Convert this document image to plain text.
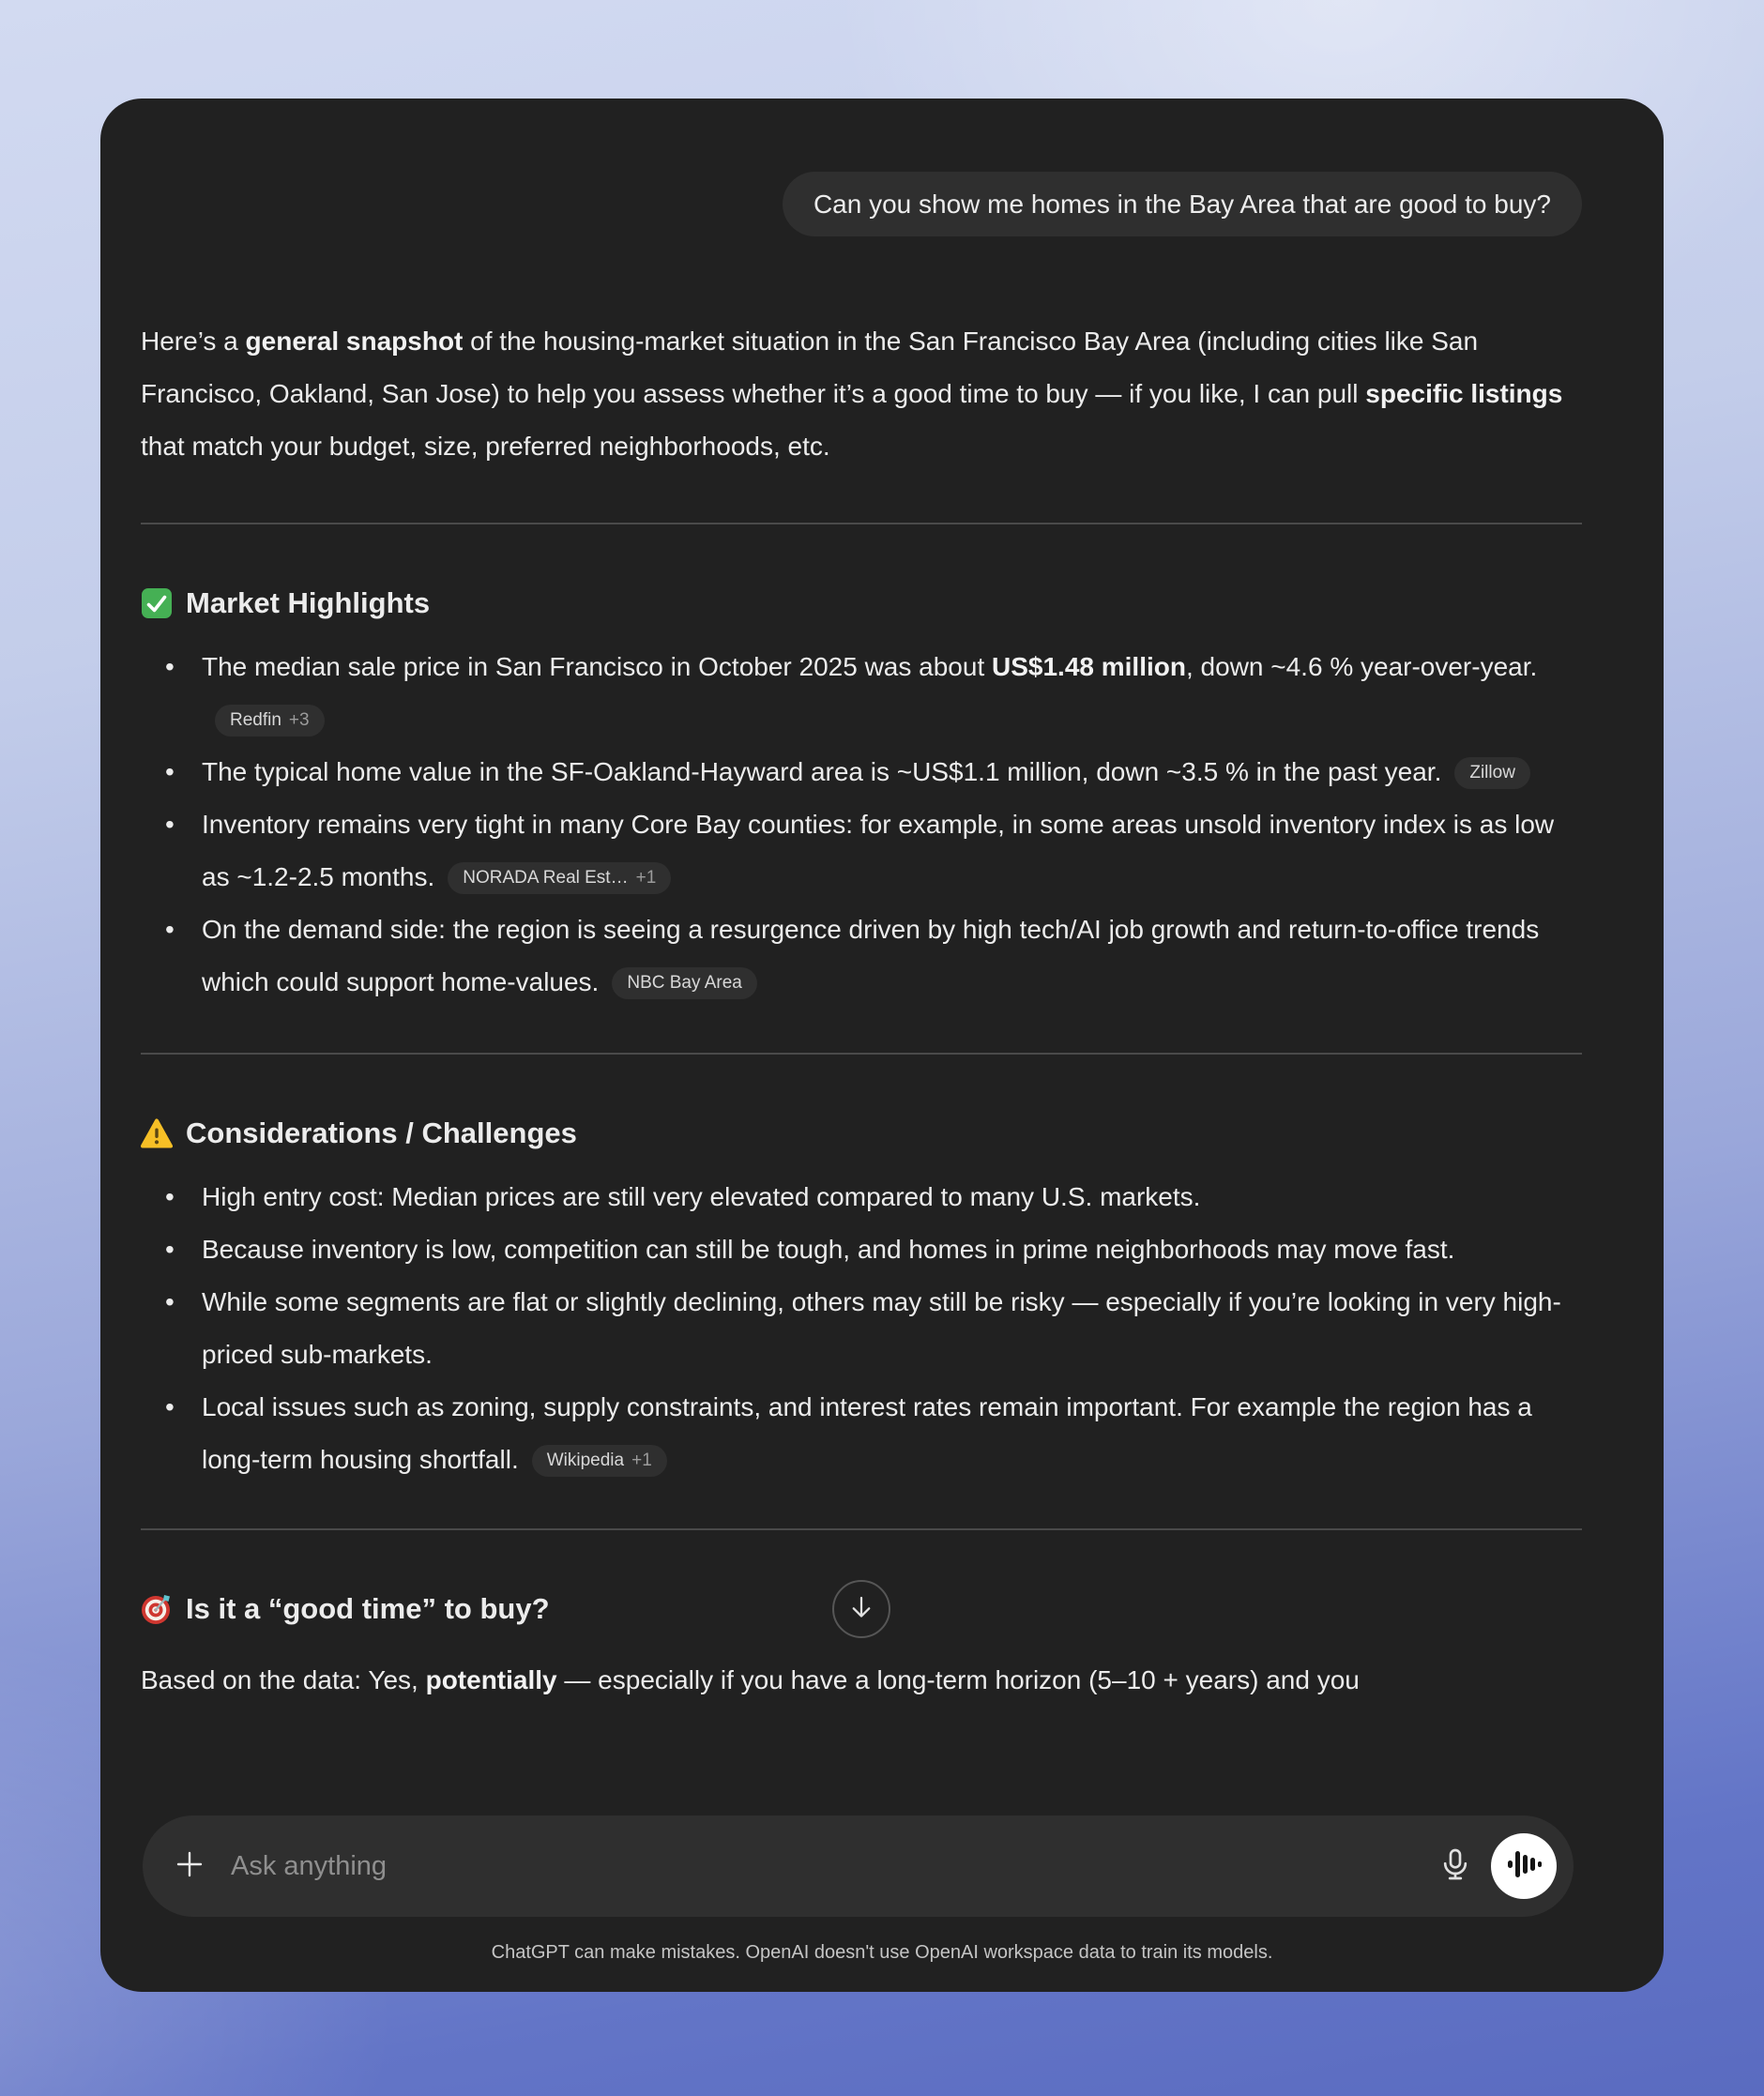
Can you show me homes in the Bay Area that are good to buy?

Here’s a general snapshot of the housing-market situation in the San Francisco Bay Area (including cities like San Francisco, Oakland, San Jose) to help you assess whether it’s a good time to buy — if you like, I can pull specific listings that match your budget, size, preferred neighborhoods, etc.

Market Highlights
• The median sale price in San Francisco in October 2025 was about US$1.48 million, down ~4.6 % year-over-year.
Redfin +3
• The typical home value in the SF-Oakland-Hayward area is ~US$1.1 million, down ~3.5 % in the past year. Zillow
• Inventory remains very tight in many Core Bay counties: for example, in some areas unsold inventory index is as low as ~1.2-2.5 months. NORADA Real Est… +1
• On the demand side: the region is seeing a resurgence driven by high tech/AI job growth and return-to-office trends which could support home-values. NBC Bay Area
Considerations / Challenges
• High entry cost: Median prices are still very elevated compared to many U.S. markets.
• Because inventory is low, competition can still be tough, and homes in prime neighborhoods may move fast.
• While some segments are flat or slightly declining, others may still be risky — especially if you’re looking in very high-priced sub-markets.
• Local issues such as zoning, supply constraints, and interest rates remain important. For example the region has a long-term housing shortfall. Wikipedia +1
Is it a “good time” to buy?

Based on the data: Yes, potentially — especially if you have a long-term horizon (5–10 + years) and you

Ask anything
ChatGPT can make mistakes. OpenAI doesn't use OpenAI workspace data to train its models.
